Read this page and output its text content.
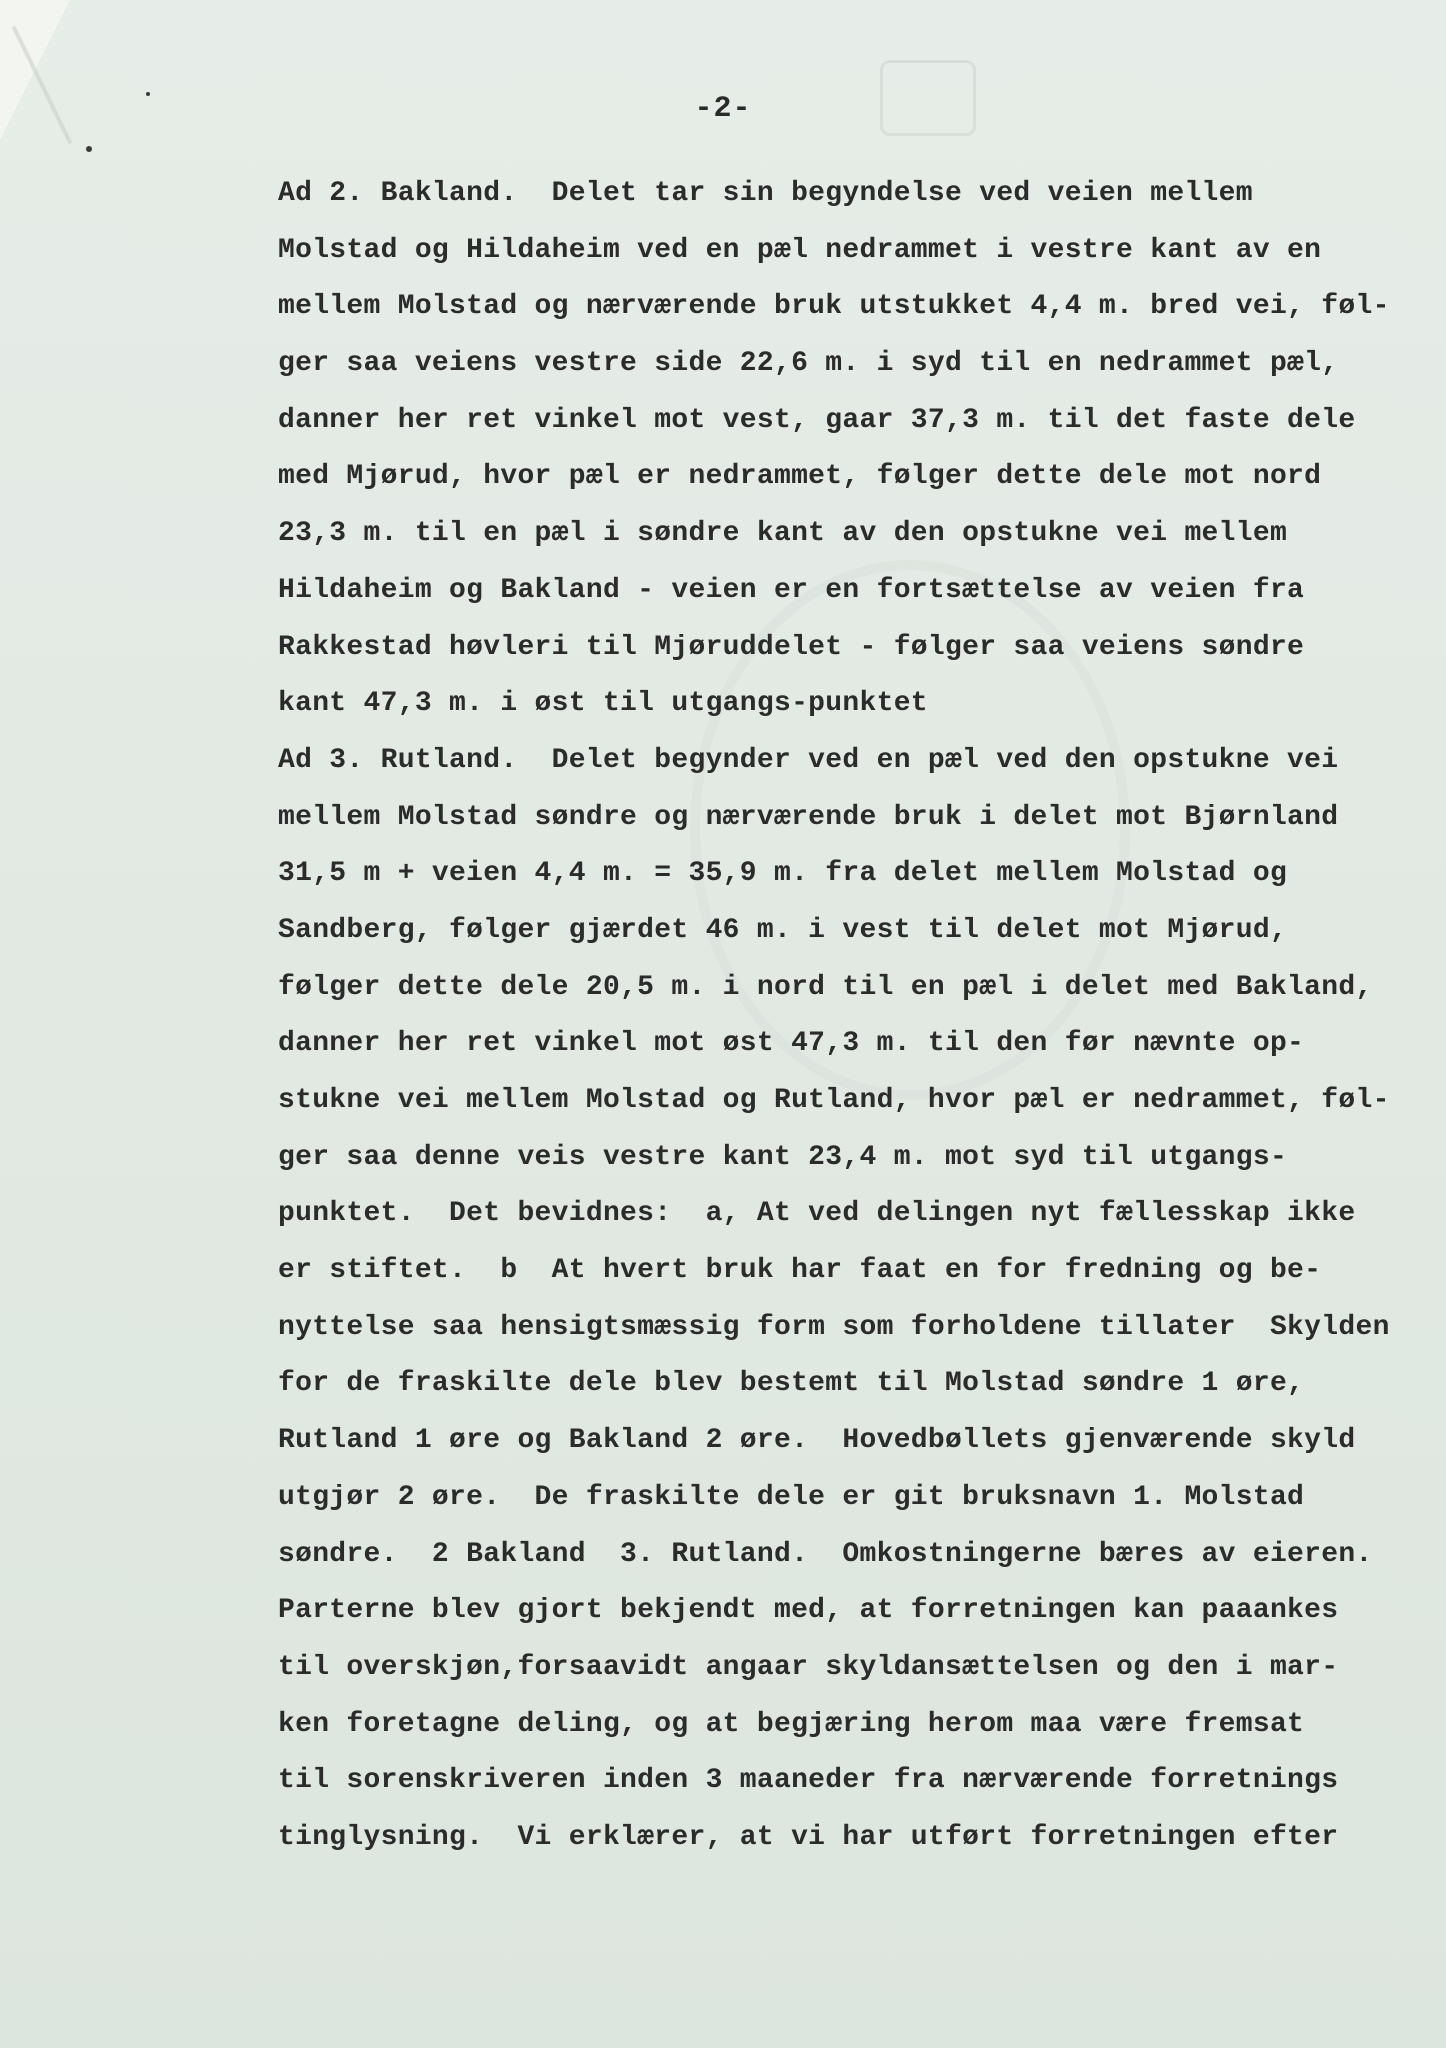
-2-
Ad 2. Bakland.  Delet tar sin begyndelse ved veien mellem
Molstad og Hildaheim ved en pæl nedrammet i vestre kant av en
mellem Molstad og nærværende bruk utstukket 4,4 m. bred vei, føl-
ger saa veiens vestre side 22,6 m. i syd til en nedrammet pæl,
danner her ret vinkel mot vest, gaar 37,3 m. til det faste dele
med Mjørud, hvor pæl er nedrammet, følger dette dele mot nord
23,3 m. til en pæl i søndre kant av den opstukne vei mellem
Hildaheim og Bakland - veien er en fortsættelse av veien fra
Rakkestad høvleri til Mjøruddelet - følger saa veiens søndre
kant 47,3 m. i øst til utgangs-punktet
Ad 3. Rutland.  Delet begynder ved en pæl ved den opstukne vei
mellem Molstad søndre og nærværende bruk i delet mot Bjørnland
31,5 m + veien 4,4 m. = 35,9 m. fra delet mellem Molstad og
Sandberg, følger gjærdet 46 m. i vest til delet mot Mjørud,
følger dette dele 20,5 m. i nord til en pæl i delet med Bakland,
danner her ret vinkel mot øst 47,3 m. til den før nævnte op-
stukne vei mellem Molstad og Rutland, hvor pæl er nedrammet, føl-
ger saa denne veis vestre kant 23,4 m. mot syd til utgangs-
punktet.  Det bevidnes:  a, At ved delingen nyt fællesskap ikke
er stiftet.  b  At hvert bruk har faat en for fredning og be-
nyttelse saa hensigtsmæssig form som forholdene tillater  Skylden
for de fraskilte dele blev bestemt til Molstad søndre 1 øre,
Rutland 1 øre og Bakland 2 øre.  Hovedbøllets gjenværende skyld
utgjør 2 øre.  De fraskilte dele er git bruksnavn 1. Molstad
søndre.  2 Bakland  3. Rutland.  Omkostningerne bæres av eieren.
Parterne blev gjort bekjendt med, at forretningen kan paaankes
til overskjøn,forsaavidt angaar skyldansættelsen og den i mar-
ken foretagne deling, og at begjæring herom maa være fremsat
til sorenskriveren inden 3 maaneder fra nærværende forretnings
tinglysning.  Vi erklærer, at vi har utført forretningen efter
